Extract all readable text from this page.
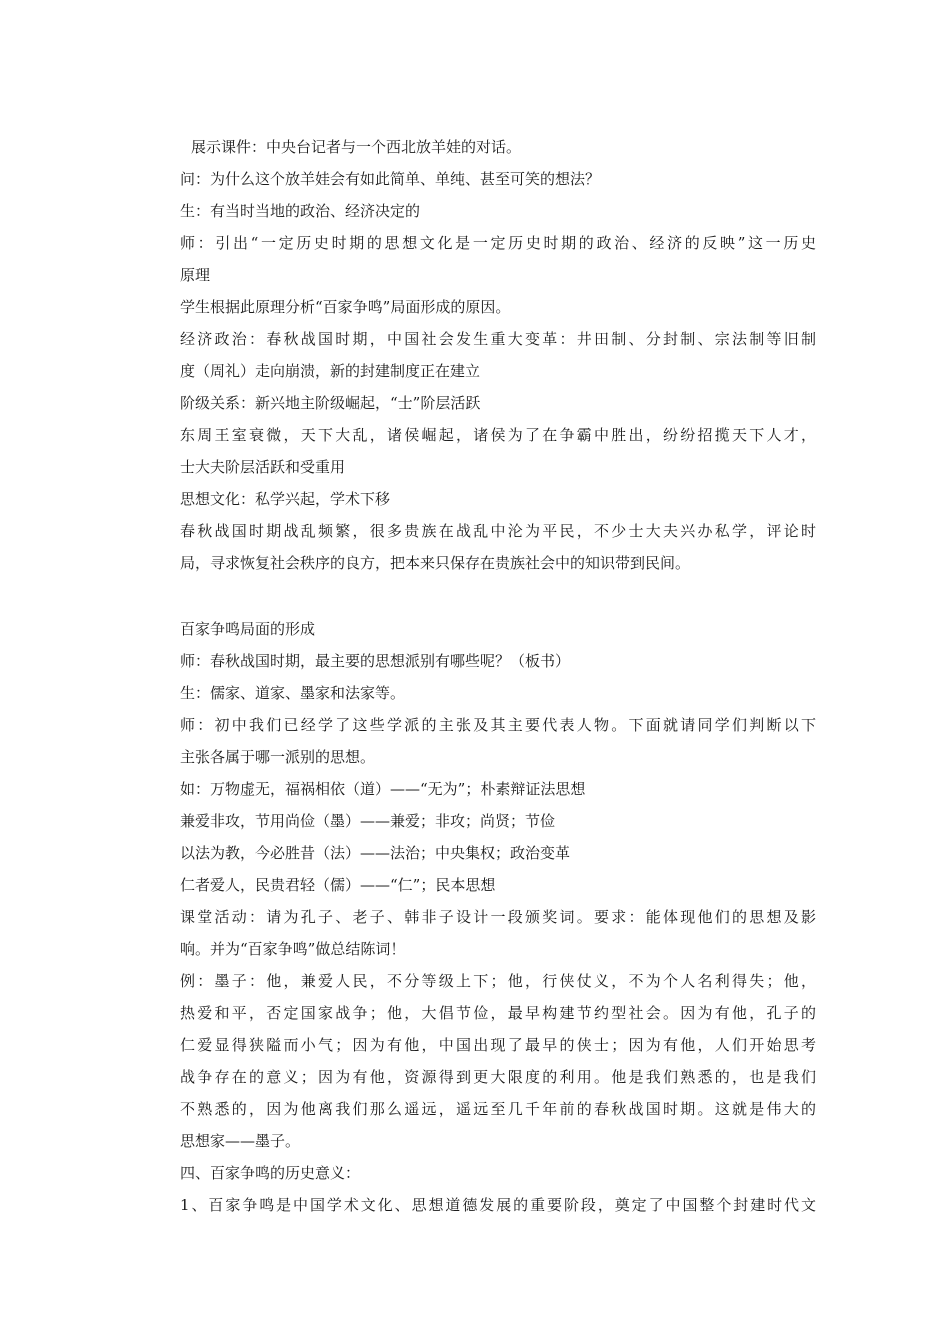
展示课件：中央台记者与一个西北放羊娃的对话。

问：为什么这个放羊娃会有如此简单、单纯、甚至可笑的想法？

生：有当时当地的政治、经济决定的

师：引出“一定历史时期的思想文化是一定历史时期的政治、经济的反映”这一历史

原理

学生根据此原理分析“百家争鸣”局面形成的原因。

经济政治：春秋战国时期，中国社会发生重大变革：井田制、分封制、宗法制等旧制

度（周礼）走向崩溃，新的封建制度正在建立

阶级关系：新兴地主阶级崛起，“士”阶层活跃

东周王室衰微，天下大乱，诸侯崛起，诸侯为了在争霸中胜出，纷纷招揽天下人才，

士大夫阶层活跃和受重用

思想文化：私学兴起，学术下移

春秋战国时期战乱频繁，很多贵族在战乱中沦为平民，不少士大夫兴办私学，评论时

局，寻求恢复社会秩序的良方，把本来只保存在贵族社会中的知识带到民间。

百家争鸣局面的形成

师：春秋战国时期，最主要的思想派别有哪些呢？（板书）

生：儒家、道家、墨家和法家等。

师：初中我们已经学了这些学派的主张及其主要代表人物。下面就请同学们判断以下

主张各属于哪一派别的思想。

如：万物虚无，福祸相依（道）——“无为”；朴素辩证法思想

兼爱非攻，节用尚俭（墨）——兼爱；非攻；尚贤；节俭

以法为教，今必胜昔（法）——法治；中央集权；政治变革

仁者爱人，民贵君轻（儒）——“仁”；民本思想

课堂活动：请为孔子、老子、韩非子设计一段颁奖词。要求：能体现他们的思想及影

响。并为“百家争鸣”做总结陈词！

例：墨子：他，兼爱人民，不分等级上下；他，行侠仗义，不为个人名利得失；他，

热爱和平，否定国家战争；他，大倡节俭，最早构建节约型社会。因为有他，孔子的

仁爱显得狭隘而小气；因为有他，中国出现了最早的侠士；因为有他，人们开始思考

战争存在的意义；因为有他，资源得到更大限度的利用。他是我们熟悉的，也是我们

不熟悉的，因为他离我们那么遥远，遥远至几千年前的春秋战国时期。这就是伟大的

思想家——墨子。

四、百家争鸣的历史意义：

1、百家争鸣是中国学术文化、思想道德发展的重要阶段，奠定了中国整个封建时代文
